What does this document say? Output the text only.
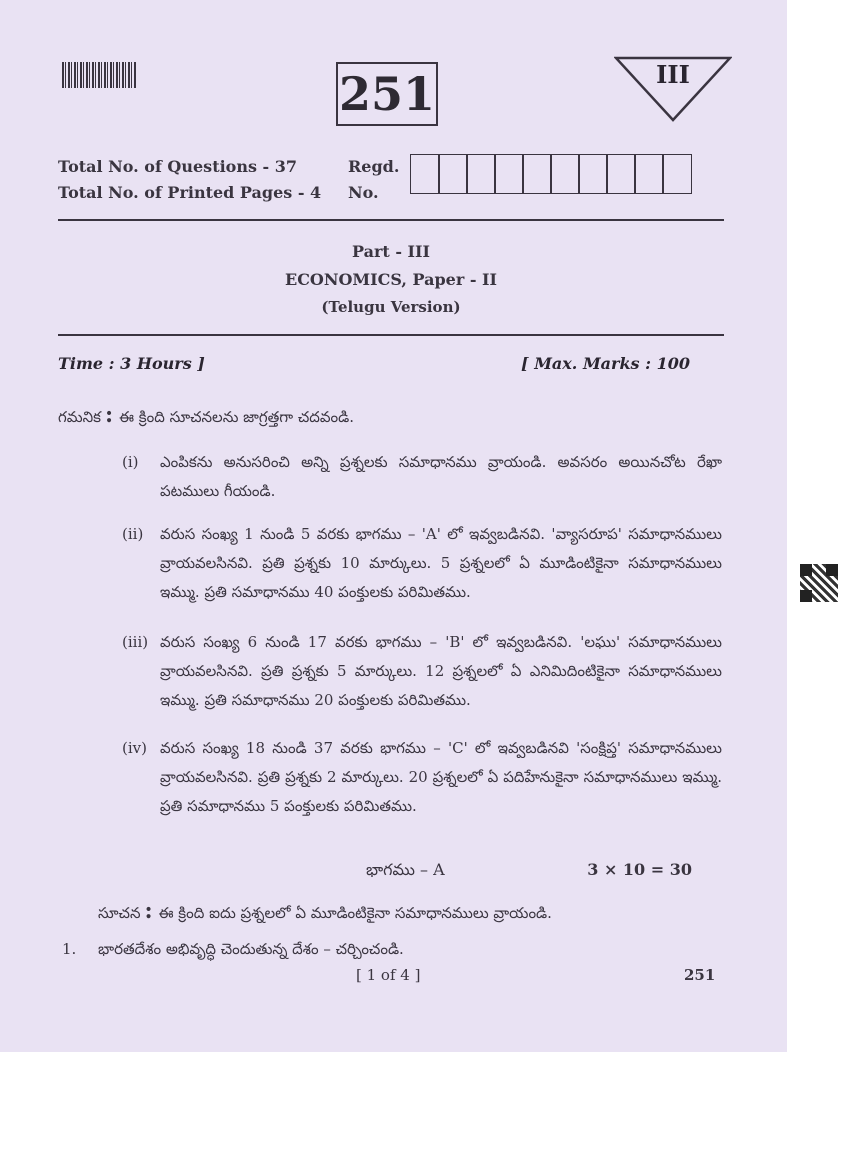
251	III
Total No. of Questions - 37
Total No. of Printed Pages - 4
Regd.
No.
Part - III
ECONOMICS, Paper - II
(Telugu Version)
Time : 3 Hours ]	[ Max. Marks : 100
గమనిక : ఈ క్రింది సూచనలను జాగ్రత్తగా చదవండి.
(i)	ఎంపికను అనుసరించి అన్ని ప్రశ్నలకు సమాధానము వ్రాయండి. అవసరం అయినచోట రేఖా పటములు గీయండి.
(ii)	వరుస సంఖ్య 1 నుండి 5 వరకు భాగము – 'A' లో ఇవ్వబడినవి. 'వ్యాసరూప' సమాధానములు వ్రాయవలసినవి. ప్రతి ప్రశ్నకు 10 మార్కులు. 5 ప్రశ్నలలో ఏ మూడింటికైనా సమాధానములు ఇమ్ము. ప్రతి సమాధానము 40 పంక్తులకు పరిమితము.
(iii) వరుస సంఖ్య 6 నుండి 17 వరకు భాగము – 'B' లో ఇవ్వబడినవి. 'లఘు' సమాధానములు వ్రాయవలసినవి. ప్రతి ప్రశ్నకు 5 మార్కులు. 12 ప్రశ్నలలో ఏ ఎనిమిదింటికైనా సమాధానములు ఇమ్ము. ప్రతి సమాధానము 20 పంక్తులకు పరిమితము.
(iv) వరుస సంఖ్య 18 నుండి 37 వరకు భాగము – 'C' లో ఇవ్వబడినవి 'సంక్షిప్త' సమాధానములు వ్రాయవలసినవి. ప్రతి ప్రశ్నకు 2 మార్కులు. 20 ప్రశ్నలలో ఏ పదిహేనుకైనా సమాధానములు ఇమ్ము. ప్రతి సమాధానము 5 పంక్తులకు పరిమితము.
భాగము – A	3 × 10 = 30
సూచన : ఈ క్రింది ఐదు ప్రశ్నలలో ఏ మూడింటికైనా సమాధానములు వ్రాయండి.
1.	భారతదేశం అభివృద్ధి చెందుతున్న దేశం – చర్చించండి.
[ 1 of 4 ]	251
